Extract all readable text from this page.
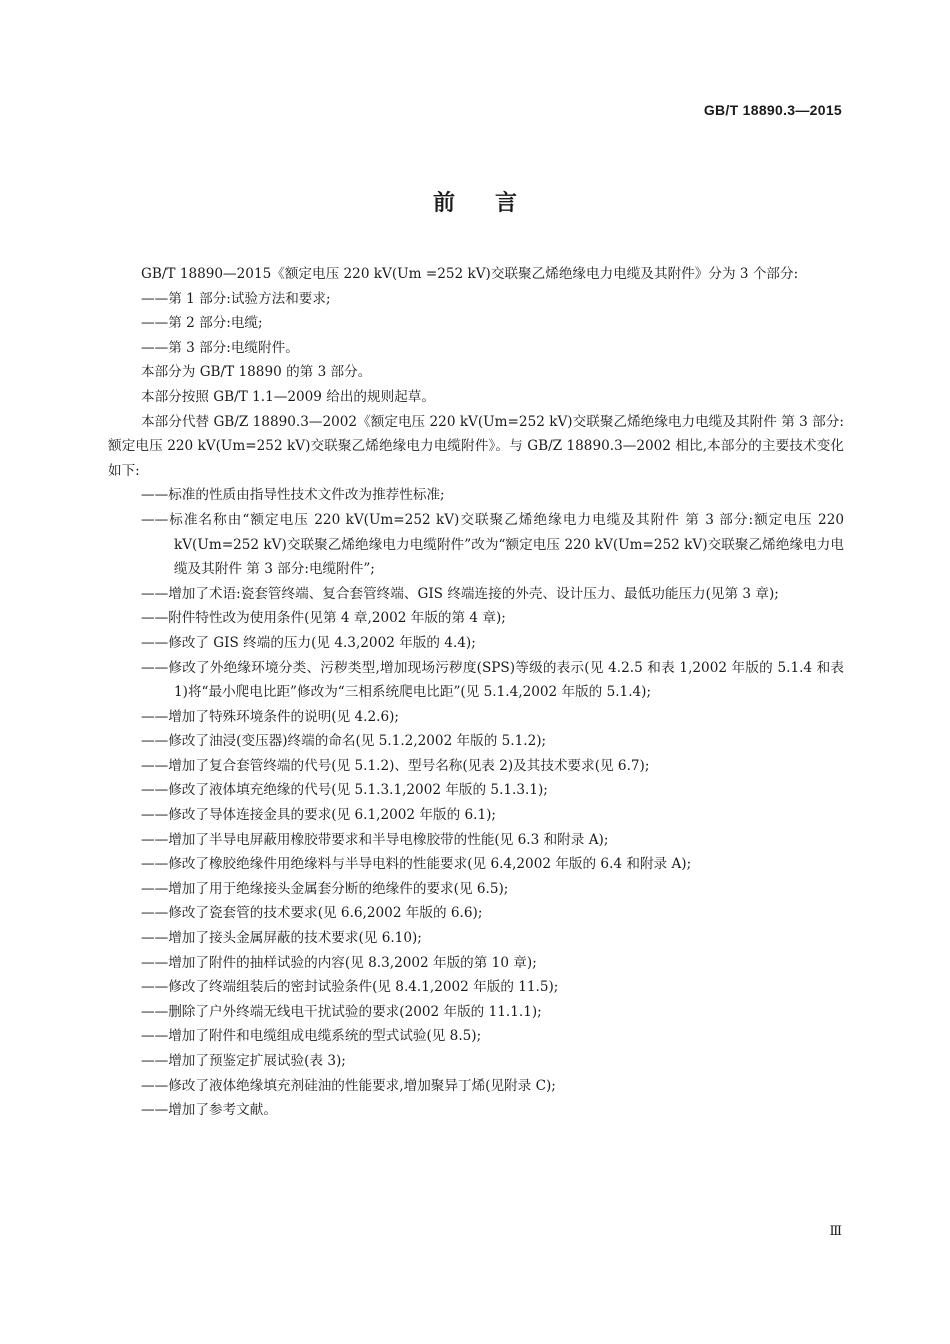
GB/T 18890.3—2015
前言

GB/T 18890—2015《额定电压 220 kV(Um =252 kV)交联聚乙烯绝缘电力电缆及其附件》分为 3 个部分:

——第 1 部分:试验方法和要求;

——第 2 部分:电缆;

——第 3 部分:电缆附件。

本部分为 GB/T 18890 的第 3 部分。

本部分按照 GB/T 1.1—2009 给出的规则起草。

本部分代替 GB/Z 18890.3—2002《额定电压 220 kV(Um=252 kV)交联聚乙烯绝缘电力电缆及其附件 第 3 部分:额定电压 220 kV(Um=252 kV)交联聚乙烯绝缘电力电缆附件》。与 GB/Z 18890.3—2002 相比,本部分的主要技术变化如下:

——标准的性质由指导性技术文件改为推荐性标准;

——标准名称由“额定电压 220 kV(Um=252 kV)交联聚乙烯绝缘电力电缆及其附件 第 3 部分:额定电压 220 kV(Um=252 kV)交联聚乙烯绝缘电力电缆附件”改为“额定电压 220 kV(Um=252 kV)交联聚乙烯绝缘电力电缆及其附件 第 3 部分:电缆附件”;

——增加了术语:瓷套管终端、复合套管终端、GIS 终端连接的外壳、设计压力、最低功能压力(见第 3 章);

——附件特性改为使用条件(见第 4 章,2002 年版的第 4 章);

——修改了 GIS 终端的压力(见 4.3,2002 年版的 4.4);

——修改了外绝缘环境分类、污秽类型,增加现场污秽度(SPS)等级的表示(见 4.2.5 和表 1,2002 年版的 5.1.4 和表 1)将“最小爬电比距”修改为“三相系统爬电比距”(见 5.1.4,2002 年版的 5.1.4);

——增加了特殊环境条件的说明(见 4.2.6);

——修改了油浸(变压器)终端的命名(见 5.1.2,2002 年版的 5.1.2);

——增加了复合套管终端的代号(见 5.1.2)、型号名称(见表 2)及其技术要求(见 6.7);

——修改了液体填充绝缘的代号(见 5.1.3.1,2002 年版的 5.1.3.1);

——修改了导体连接金具的要求(见 6.1,2002 年版的 6.1);

——增加了半导电屏蔽用橡胶带要求和半导电橡胶带的性能(见 6.3 和附录 A);

——修改了橡胶绝缘件用绝缘料与半导电料的性能要求(见 6.4,2002 年版的 6.4 和附录 A);

——增加了用于绝缘接头金属套分断的绝缘件的要求(见 6.5);

——修改了瓷套管的技术要求(见 6.6,2002 年版的 6.6);

——增加了接头金属屏蔽的技术要求(见 6.10);

——增加了附件的抽样试验的内容(见 8.3,2002 年版的第 10 章);

——修改了终端组装后的密封试验条件(见 8.4.1,2002 年版的 11.5);

——删除了户外终端无线电干扰试验的要求(2002 年版的 11.1.1);

——增加了附件和电缆组成电缆系统的型式试验(见 8.5);

——增加了预鉴定扩展试验(表 3);

——修改了液体绝缘填充剂硅油的性能要求,增加聚异丁烯(见附录 C);

——增加了参考文献。

Ⅲ
